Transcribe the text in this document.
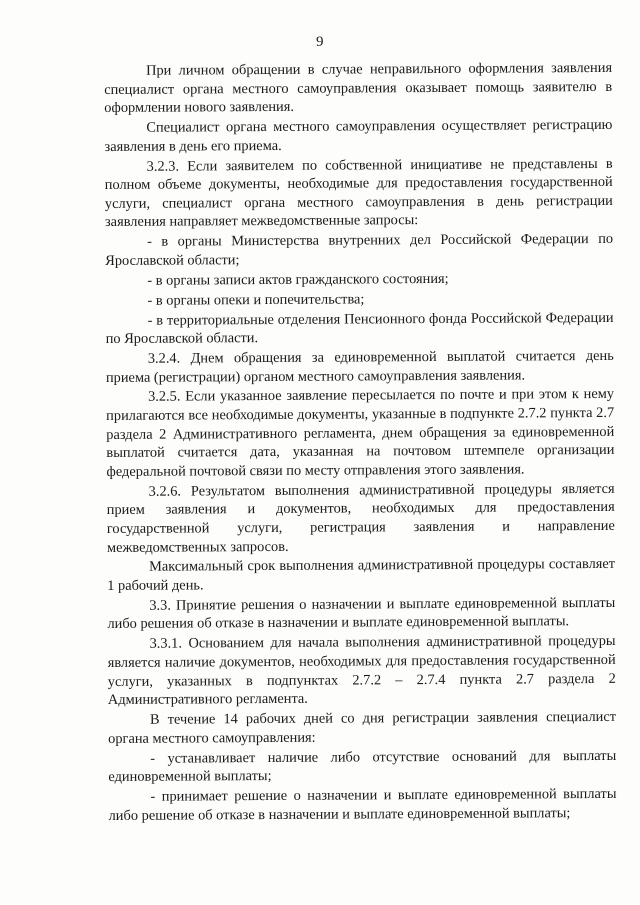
9

При личном обращении в случае неправильного оформления заявления специалист органа местного самоуправления оказывает помощь заявителю в оформлении нового заявления.

Специалист органа местного самоуправления осуществляет регистрацию заявления в день его приема.

3.2.3. Если заявителем по собственной инициативе не представлены в полном объеме документы, необходимые для предоставления государственной услуги, специалист органа местного самоуправления в день регистрации заявления направляет межведомственные запросы:

- в органы Министерства внутренних дел Российской Федерации по Ярославской области;

- в органы записи актов гражданского состояния;

- в органы опеки и попечительства;

- в территориальные отделения Пенсионного фонда Российской Федерации по Ярославской области.

3.2.4. Днем обращения за единовременной выплатой считается день приема (регистрации) органом местного самоуправления заявления.

3.2.5. Если указанное заявление пересылается по почте и при этом к нему прилагаются все необходимые документы, указанные в подпункте 2.7.2 пункта 2.7 раздела 2 Административного регламента, днем обращения за единовременной выплатой считается дата, указанная на почтовом штемпеле организации федеральной почтовой связи по месту отправления этого заявления.

3.2.6. Результатом выполнения административной процедуры является прием заявления и документов, необходимых для предоставления государственной услуги, регистрация заявления и направление межведомственных запросов.

Максимальный срок выполнения административной процедуры составляет 1 рабочий день.

3.3. Принятие решения о назначении и выплате единовременной выплаты либо решения об отказе в назначении и выплате единовременной выплаты.

3.3.1. Основанием для начала выполнения административной процедуры является наличие документов, необходимых для предоставления государственной услуги, указанных в подпунктах 2.7.2 – 2.7.4 пункта 2.7 раздела 2 Административного регламента.

В течение 14 рабочих дней со дня регистрации заявления специалист органа местного самоуправления:

- устанавливает наличие либо отсутствие оснований для выплаты единовременной выплаты;

- принимает решение о назначении и выплате единовременной выплаты либо решение об отказе в назначении и выплате единовременной выплаты;
